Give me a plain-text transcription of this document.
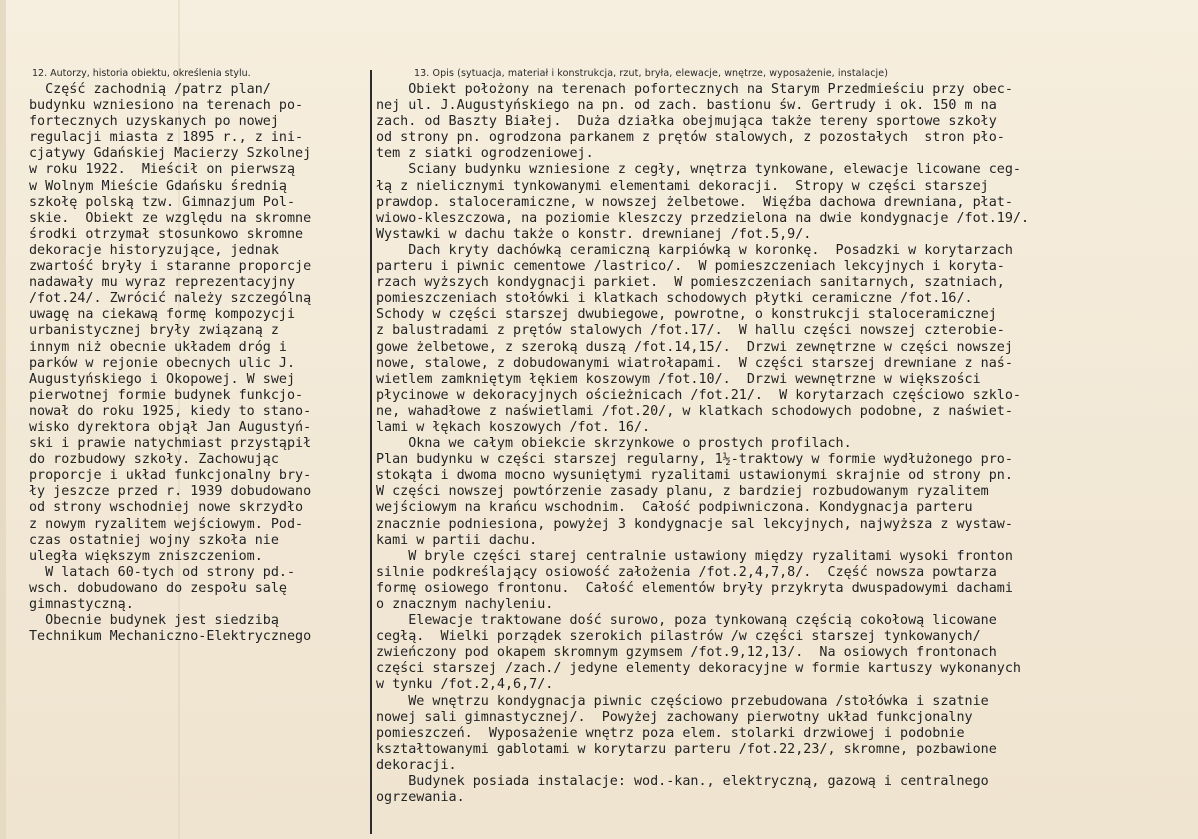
12. Autorzy, historia obiektu, określenia stylu.	13. Opis (sytuacja, materiał i konstrukcja, rzut, bryła, elewacje, wnętrze, wyposażenie, instalacje)
Część zachodnią /patrz plan/
budynku wzniesiono na terenach po-
fortecznych uzyskanych po nowej
regulacji miasta z 1895 r., z ini-
cjatywy Gdańskiej Macierzy Szkolnej
w roku 1922.  Mieścił on pierwszą
w Wolnym Mieście Gdańsku średnią
szkołę polską tzw. Gimnazjum Pol-
skie.  Obiekt ze względu na skromne
środki otrzymał stosunkowo skromne
dekoracje historyzujące, jednak
zwartość bryły i staranne proporcje
nadawały mu wyraz reprezentacyjny
/fot.24/. Zwrócić należy szczególną
uwagę na ciekawą formę kompozycji
urbanistycznej bryły związaną z
innym niż obecnie układem dróg i
parków w rejonie obecnych ulic J.
Augustyńskiego i Okopowej. W swej
pierwotnej formie budynek funkcjo-
nował do roku 1925, kiedy to stano-
wisko dyrektora objął Jan Augustyń-
ski i prawie natychmiast przystąpił
do rozbudowy szkoły. Zachowując
proporcje i układ funkcjonalny bry-
ły jeszcze przed r. 1939 dobudowano
od strony wschodniej nowe skrzydło
z nowym ryzalitem wejściowym. Pod-
czas ostatniej wojny szkoła nie
uległa większym zniszczeniom.
W latach 60-tych od strony pd.-
wsch. dobudowano do zespołu salę
gimnastyczną.
Obecnie budynek jest siedzibą
Technikum Mechaniczno-Elektrycznego
Obiekt położony na terenach pofortecznych na Starym Przedmieściu przy obec-
nej ul. J.Augustyńskiego na pn. od zach. bastionu św. Gertrudy i ok. 150 m na
zach. od Baszty Białej.  Duża działka obejmująca także tereny sportowe szkoły
od strony pn. ogrodzona parkanem z prętów stalowych, z pozostałych  stron pło-
tem z siatki ogrodzeniowej.
Ściany budynku wzniesione z cegły, wnętrza tynkowane, elewacje licowane ceg-
łą z nielicznymi tynkowanymi elementami dekoracji.  Stropy w części starszej
prawdop. staloceramiczne, w nowszej żelbetowe.  Więźba dachowa drewniana, płat-
wiowo-kleszczowa, na poziomie kleszczy przedzielona na dwie kondygnacje /fot.19/.
Wystawki w dachu także o konstr. drewnianej /fot.5,9/.
Dach kryty dachówką ceramiczną karpiówką w koronkę.  Posadzki w korytarzach
parteru i piwnic cementowe /lastrico/.  W pomieszczeniach lekcyjnych i koryta-
rzach wyższych kondygnacji parkiet.  W pomieszczeniach sanitarnych, szatniach,
pomieszczeniach stołówki i klatkach schodowych płytki ceramiczne /fot.16/.
Schody w części starszej dwubiegowe, powrotne, o konstrukcji staloceramicznej
z balustradami z prętów stalowych /fot.17/.  W hallu części nowszej czterobie-
gowe żelbetowe, z szeroką duszą /fot.14,15/.  Drzwi zewnętrzne w części nowszej
nowe, stalowe, z dobudowanymi wiatrołapami.  W części starszej drewniane z naś-
wietlem zamkniętym łękiem koszowym /fot.10/.  Drzwi wewnętrzne w większości
płycinowe w dekoracyjnych ościeżnicach /fot.21/.  W korytarzach częściowo szklo-
ne, wahadłowe z naświetlami /fot.20/, w klatkach schodowych podobne, z naświet-
lami w łękach koszowych /fot. 16/.
Okna we całym obiekcie skrzynkowe o prostych profilach.
Plan budynku w części starszej regularny, 1½-traktowy w formie wydłużonego pro-
stokąta i dwoma mocno wysuniętymi ryzalitami ustawionymi skrajnie od strony pn.
W części nowszej powtórzenie zasady planu, z bardziej rozbudowanym ryzalitem
wejściowym na krańcu wschodnim.  Całość podpiwniczona. Kondygnacja parteru
znacznie podniesiona, powyżej 3 kondygnacje sal lekcyjnych, najwyższa z wystaw-
kami w partii dachu.
W bryle części starej centralnie ustawiony między ryzalitami wysoki fronton
silnie podkreślający osiowość założenia /fot.2,4,7,8/.  Część nowsza powtarza
formę osiowego frontonu.  Całość elementów bryły przykryta dwuspadowymi dachami
o znacznym nachyleniu.
Elewacje traktowane dość surowo, poza tynkowaną częścią cokołową licowane
cegłą.  Wielki porządek szerokich pilastrów /w części starszej tynkowanych/
zwieńczony pod okapem skromnym gzymsem /fot.9,12,13/.  Na osiowych frontonach
części starszej /zach./ jedyne elementy dekoracyjne w formie kartuszy wykonanych
w tynku /fot.2,4,6,7/.
We wnętrzu kondygnacja piwnic częściowo przebudowana /stołówka i szatnie
nowej sali gimnastycznej/.  Powyżej zachowany pierwotny układ funkcjonalny
pomieszczeń.  Wyposażenie wnętrz poza elem. stolarki drzwiowej i podobnie
kształtowanymi gablotami w korytarzu parteru /fot.22,23/, skromne, pozbawione
dekoracji.
Budynek posiada instalacje: wod.-kan., elektryczną, gazową i centralnego
ogrzewania.
